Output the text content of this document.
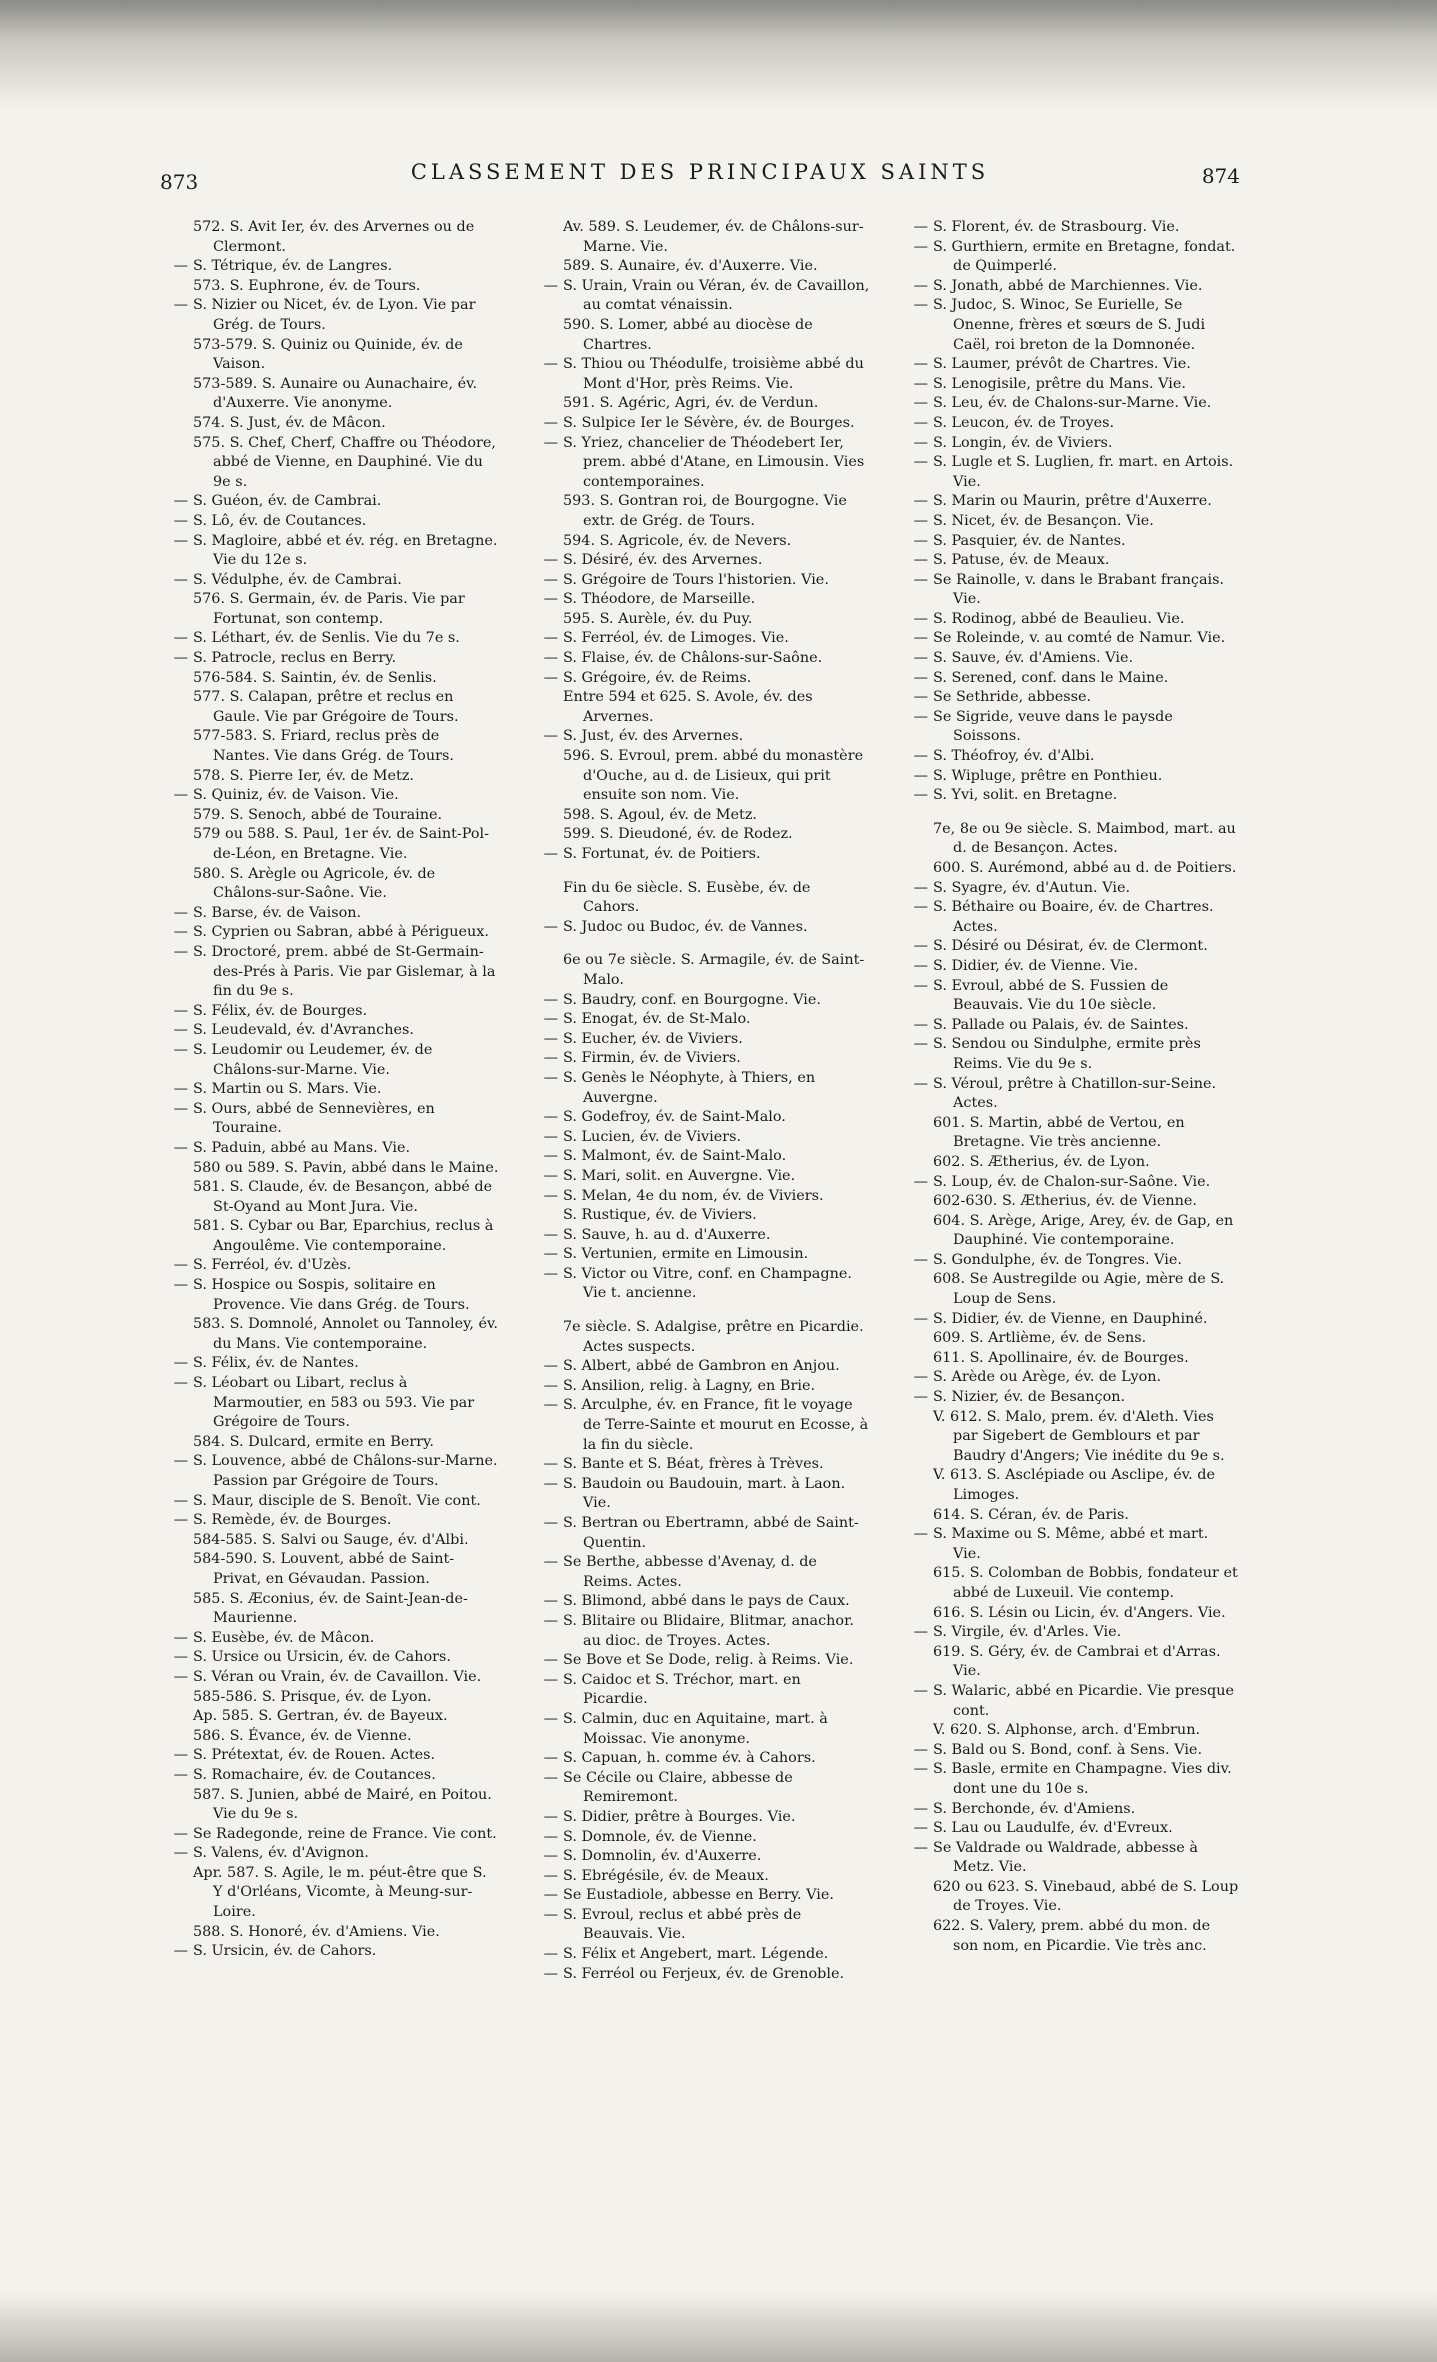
873	CLASSEMENT DES PRINCIPAUX SAINTS	874
572. S. Avit Ier, év. des Arvernes ou de Clermont.
— S. Tétrique, év. de Langres.
573. S. Euphrone, év. de Tours.
— S. Nizier ou Nicet, év. de Lyon. Vie par Grég. de Tours.
573-579. S. Quiniz ou Quinide, év. de Vaison.
573-589. S. Aunaire ou Aunachaire, év. d'Auxerre. Vie anonyme.
574. S. Just, év. de Mâcon.
575. S. Chef, Cherf, Chaffre ou Théodore, abbé de Vienne, en Dauphiné. Vie du 9e s.
— S. Guéon, év. de Cambrai.
— S. Lô, év. de Coutances.
— S. Magloire, abbé et év. rég. en Bretagne. Vie du 12e s.
— S. Védulphe, év. de Cambrai.
576. S. Germain, év. de Paris. Vie par Fortunat, son contemp.
— S. Léthart, év. de Senlis. Vie du 7e s.
— S. Patrocle, reclus en Berry.
576-584. S. Saintin, év. de Senlis.
577. S. Calapan, prêtre et reclus en Gaule. Vie par Grégoire de Tours.
577-583. S. Friard, reclus près de Nantes. Vie dans Grég. de Tours.
578. S. Pierre Ier, év. de Metz.
— S. Quiniz, év. de Vaison. Vie.
579. S. Senoch, abbé de Touraine.
579 ou 588. S. Paul, 1er év. de Saint-Pol-de-Léon, en Bretagne. Vie.
580. S. Arègle ou Agricole, év. de Châlons-sur-Saône. Vie.
— S. Barse, év. de Vaison.
— S. Cyprien ou Sabran, abbé à Périgueux.
— S. Droctoré, prem. abbé de St-Germain-des-Prés à Paris. Vie par Gislemar, à la fin du 9e s.
— S. Félix, év. de Bourges.
— S. Leudevald, év. d'Avranches.
— S. Leudomir ou Leudemer, év. de Châlons-sur-Marne. Vie.
— S. Martin ou S. Mars. Vie.
— S. Ours, abbé de Sennevières, en Touraine.
— S. Paduin, abbé au Mans. Vie.
580 ou 589. S. Pavin, abbé dans le Maine.
581. S. Claude, év. de Besançon, abbé de St-Oyand au Mont Jura. Vie.
581. S. Cybar ou Bar, Eparchius, reclus à Angoulême. Vie contemporaine.
— S. Ferréol, év. d'Uzès.
— S. Hospice ou Sospis, solitaire en Provence. Vie dans Grég. de Tours.
583. S. Domnolé, Annolet ou Tannoley, év. du Mans. Vie contemporaine.
— S. Félix, év. de Nantes.
— S. Léobart ou Libart, reclus à Marmoutier, en 583 ou 593. Vie par Grégoire de Tours.
584. S. Dulcard, ermite en Berry.
— S. Louvence, abbé de Châlons-sur-Marne. Passion par Grégoire de Tours.
— S. Maur, disciple de S. Benoît. Vie cont.
— S. Remède, év. de Bourges.
584-585. S. Salvi ou Sauge, év. d'Albi.
584-590. S. Louvent, abbé de Saint-Privat, en Gévaudan. Passion.
585. S. Æconius, év. de Saint-Jean-de-Maurienne.
— S. Eusèbe, év. de Mâcon.
— S. Ursice ou Ursicin, év. de Cahors.
— S. Véran ou Vrain, év. de Cavaillon. Vie.
585-586. S. Prisque, év. de Lyon.
Ap. 585. S. Gertran, év. de Bayeux.
586. S. Évance, év. de Vienne.
— S. Prétextat, év. de Rouen. Actes.
— S. Romachaire, év. de Coutances.
587. S. Junien, abbé de Mairé, en Poitou. Vie du 9e s.
— Se Radegonde, reine de France. Vie cont.
— S. Valens, év. d'Avignon.
Apr. 587. S. Agile, le m. péut-être que S. Y d'Orléans, Vicomte, à Meung-sur-Loire.
588. S. Honoré, év. d'Amiens. Vie.
— S. Ursicin, év. de Cahors.
Av. 589. S. Leudemer, év. de Châlons-sur-Marne. Vie.
589. S. Aunaire, év. d'Auxerre. Vie.
— S. Urain, Vrain ou Véran, év. de Cavaillon, au comtat vénaissin.
590. S. Lomer, abbé au diocèse de Chartres.
— S. Thiou ou Théodulfe, troisième abbé du Mont d'Hor, près Reims. Vie.
591. S. Agéric, Agri, év. de Verdun.
— S. Sulpice Ier le Sévère, év. de Bourges.
— S. Yriez, chancelier de Théodebert Ier, prem. abbé d'Atane, en Limousin. Vies contemporaines.
593. S. Gontran roi, de Bourgogne. Vie extr. de Grég. de Tours.
594. S. Agricole, év. de Nevers.
— S. Désiré, év. des Arvernes.
— S. Grégoire de Tours l'historien. Vie.
— S. Théodore, de Marseille.
595. S. Aurèle, év. du Puy.
— S. Ferréol, év. de Limoges. Vie.
— S. Flaise, év. de Châlons-sur-Saône.
— S. Grégoire, év. de Reims.
Entre 594 et 625. S. Avole, év. des Arvernes.
— S. Just, év. des Arvernes.
596. S. Evroul, prem. abbé du monastère d'Ouche, au d. de Lisieux, qui prit ensuite son nom. Vie.
598. S. Agoul, év. de Metz.
599. S. Dieudoné, év. de Rodez.
— S. Fortunat, év. de Poitiers.
Fin du 6e siècle. S. Eusèbe, év. de Cahors.
— S. Judoc ou Budoc, év. de Vannes.
6e ou 7e siècle. S. Armagile, év. de Saint-Malo.
— S. Baudry, conf. en Bourgogne. Vie.
— S. Enogat, év. de St-Malo.
— S. Eucher, év. de Viviers.
— S. Firmin, év. de Viviers.
— S. Genès le Néophyte, à Thiers, en Auvergne.
— S. Godefroy, év. de Saint-Malo.
— S. Lucien, év. de Viviers.
— S. Malmont, év. de Saint-Malo.
— S. Mari, solit. en Auvergne. Vie.
— S. Melan, 4e du nom, év. de Viviers.
S. Rustique, év. de Viviers.
— S. Sauve, h. au d. d'Auxerre.
— S. Vertunien, ermite en Limousin.
— S. Victor ou Vitre, conf. en Champagne. Vie t. ancienne.
7e siècle. S. Adalgise, prêtre en Picardie. Actes suspects.
— S. Albert, abbé de Gambron en Anjou.
— S. Ansilion, relig. à Lagny, en Brie.
— S. Arculphe, év. en France, fit le voyage de Terre-Sainte et mourut en Ecosse, à la fin du siècle.
— S. Bante et S. Béat, frères à Trèves.
— S. Baudoin ou Baudouin, mart. à Laon. Vie.
— S. Bertran ou Ebertramn, abbé de Saint-Quentin.
— Se Berthe, abbesse d'Avenay, d. de Reims. Actes.
— S. Blimond, abbé dans le pays de Caux.
— S. Blitaire ou Blidaire, Blitmar, anachor. au dioc. de Troyes. Actes.
— Se Bove et Se Dode, relig. à Reims. Vie.
— S. Caidoc et S. Tréchor, mart. en Picardie.
— S. Calmin, duc en Aquitaine, mart. à Moissac. Vie anonyme.
— S. Capuan, h. comme év. à Cahors.
— Se Cécile ou Claire, abbesse de Remiremont.
— S. Didier, prêtre à Bourges. Vie.
— S. Domnole, év. de Vienne.
— S. Domnolin, év. d'Auxerre.
— S. Ebrégésile, év. de Meaux.
— Se Eustadiole, abbesse en Berry. Vie.
— S. Evroul, reclus et abbé près de Beauvais. Vie.
— S. Félix et Angebert, mart. Légende.
— S. Ferréol ou Ferjeux, év. de Grenoble.
— S. Florent, év. de Strasbourg. Vie.
— S. Gurthiern, ermite en Bretagne, fondat. de Quimperlé.
— S. Jonath, abbé de Marchiennes. Vie.
— S. Judoc, S. Winoc, Se Eurielle, Se Onenne, frères et sœurs de S. Judi Caël, roi breton de la Domnonée.
— S. Laumer, prévôt de Chartres. Vie.
— S. Lenogisile, prêtre du Mans. Vie.
— S. Leu, év. de Chalons-sur-Marne. Vie.
— S. Leucon, év. de Troyes.
— S. Longin, év. de Viviers.
— S. Lugle et S. Luglien, fr. mart. en Artois. Vie.
— S. Marin ou Maurin, prêtre d'Auxerre.
— S. Nicet, év. de Besançon. Vie.
— S. Pasquier, év. de Nantes.
— S. Patuse, év. de Meaux.
— Se Rainolle, v. dans le Brabant français. Vie.
— S. Rodinog, abbé de Beaulieu. Vie.
— Se Roleinde, v. au comté de Namur. Vie.
— S. Sauve, év. d'Amiens. Vie.
— S. Serened, conf. dans le Maine.
— Se Sethride, abbesse.
— Se Sigride, veuve dans le paysde Soissons.
— S. Théofroy, év. d'Albi.
— S. Wipluge, prêtre en Ponthieu.
— S. Yvi, solit. en Bretagne.
7e, 8e ou 9e siècle. S. Maimbod, mart. au d. de Besançon. Actes.
600. S. Aurémond, abbé au d. de Poitiers.
— S. Syagre, év. d'Autun. Vie.
— S. Béthaire ou Boaire, év. de Chartres. Actes.
— S. Désiré ou Désirat, év. de Clermont.
— S. Didier, év. de Vienne. Vie.
— S. Evroul, abbé de S. Fussien de Beauvais. Vie du 10e siècle.
— S. Pallade ou Palais, év. de Saintes.
— S. Sendou ou Sindulphe, ermite près Reims. Vie du 9e s.
— S. Véroul, prêtre à Chatillon-sur-Seine. Actes.
601. S. Martin, abbé de Vertou, en Bretagne. Vie très ancienne.
602. S. Ætherius, év. de Lyon.
— S. Loup, év. de Chalon-sur-Saône. Vie.
602-630. S. Ætherius, év. de Vienne.
604. S. Arège, Arige, Arey, év. de Gap, en Dauphiné. Vie contemporaine.
— S. Gondulphe, év. de Tongres. Vie.
608. Se Austregilde ou Agie, mère de S. Loup de Sens.
— S. Didier, év. de Vienne, en Dauphiné.
609. S. Artlième, év. de Sens.
611. S. Apollinaire, év. de Bourges.
— S. Arède ou Arège, év. de Lyon.
— S. Nizier, év. de Besançon.
V. 612. S. Malo, prem. év. d'Aleth. Vies par Sigebert de Gemblours et par Baudry d'Angers; Vie inédite du 9e s.
V. 613. S. Asclépiade ou Asclipe, év. de Limoges.
614. S. Céran, év. de Paris.
— S. Maxime ou S. Même, abbé et mart. Vie.
615. S. Colomban de Bobbis, fondateur et abbé de Luxeuil. Vie contemp.
616. S. Lésin ou Licin, év. d'Angers. Vie.
— S. Virgile, év. d'Arles. Vie.
619. S. Géry, év. de Cambrai et d'Arras. Vie.
— S. Walaric, abbé en Picardie. Vie presque cont.
V. 620. S. Alphonse, arch. d'Embrun.
— S. Bald ou S. Bond, conf. à Sens. Vie.
— S. Basle, ermite en Champagne. Vies div. dont une du 10e s.
— S. Berchonde, év. d'Amiens.
— S. Lau ou Laudulfe, év. d'Evreux.
— Se Valdrade ou Waldrade, abbesse à Metz. Vie.
620 ou 623. S. Vinebaud, abbé de S. Loup de Troyes. Vie.
622. S. Valery, prem. abbé du mon. de son nom, en Picardie. Vie très anc.
